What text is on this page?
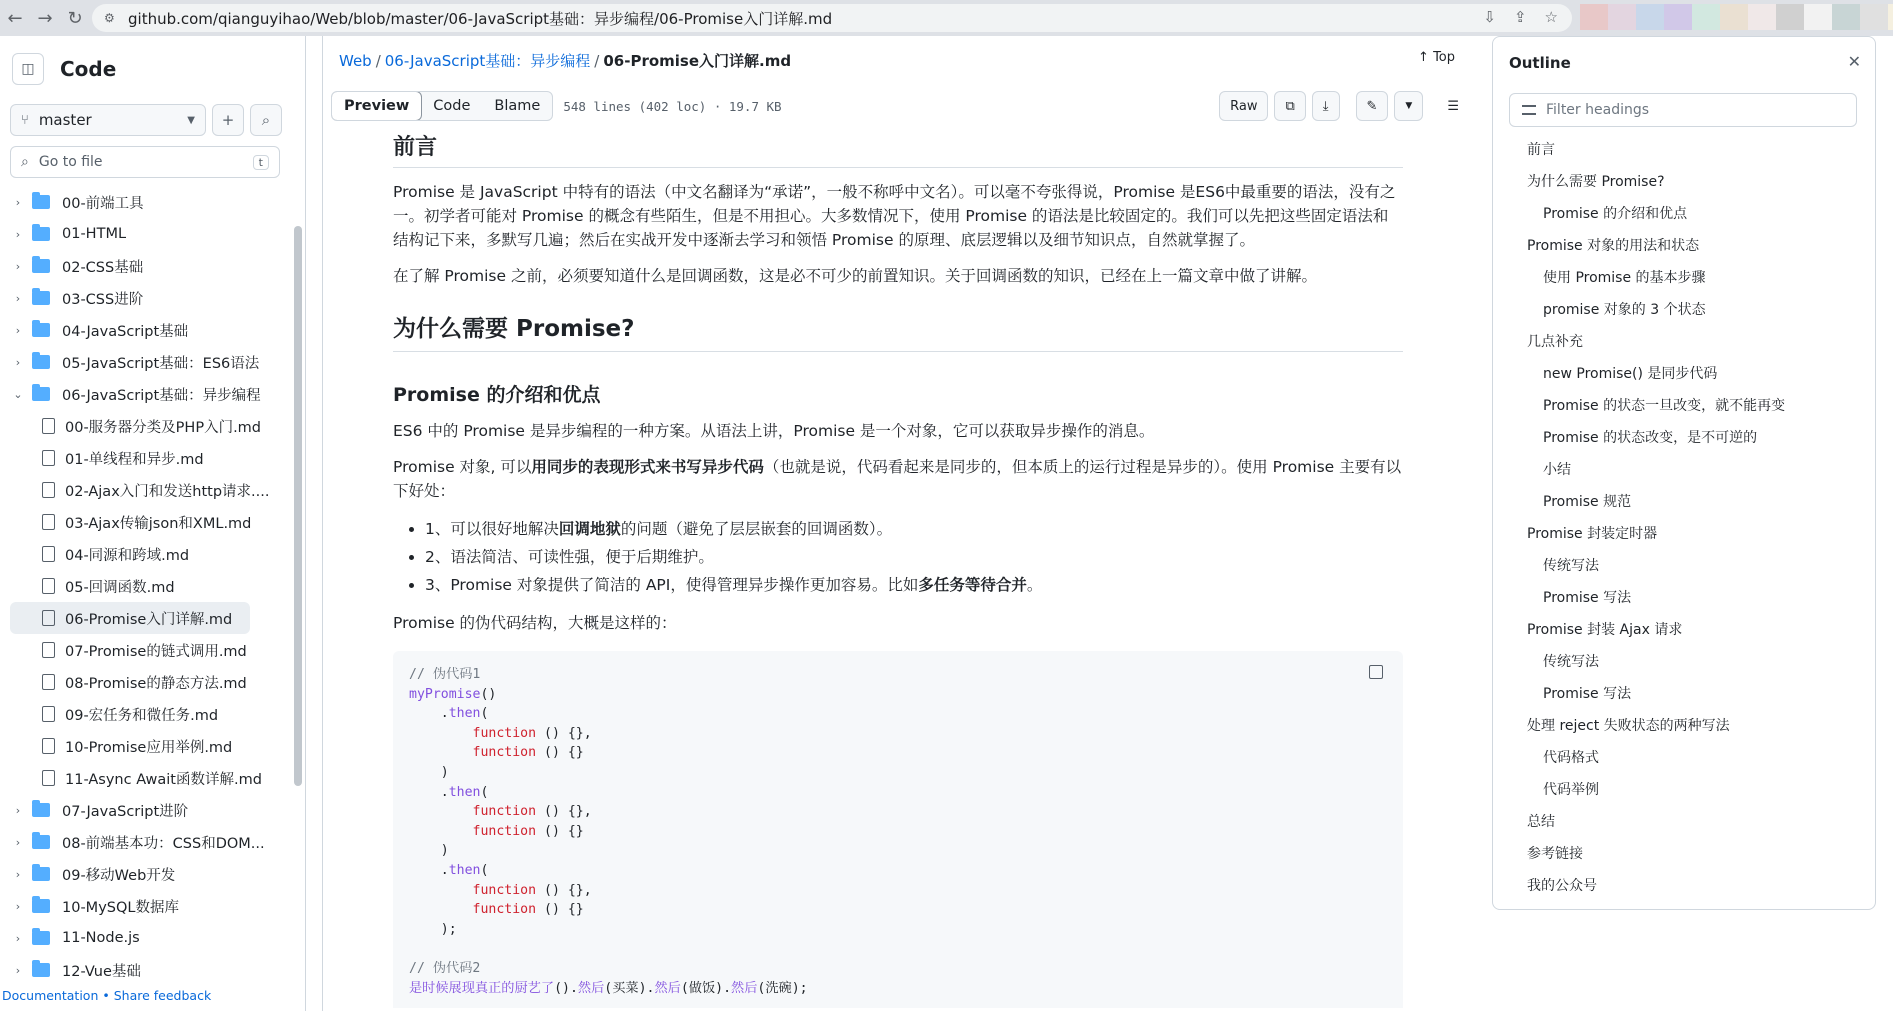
← → ↻	⚙ github.com/qianguyihao/Web/blob/master/06-JavaScript基础：异步编程/06-Promise入门详解.md	⇩ ⇪ ☆
◫	Code
⑂ master	▼	+	⌕
⌕ Go to file	t
›	00-前端工具
›	01-HTML
›	02-CSS基础
›	03-CSS进阶
›	04-JavaScript基础
›	05-JavaScript基础：ES6语法
⌄	06-JavaScript基础：异步编程
00-服务器分类及PHP入门.md
01-单线程和异步.md
02-Ajax入门和发送http请求....
03-Ajax传输json和XML.md
04-同源和跨域.md
05-回调函数.md
06-Promise入门详解.md
07-Promise的链式调用.md
08-Promise的静态方法.md
09-宏任务和微任务.md
10-Promise应用举例.md
11-Async Await函数详解.md
›	07-JavaScript进阶
›	08-前端基本功：CSS和DOM...
›	09-移动Web开发
›	10-MySQL数据库
›	11-Node.js
›	12-Vue基础
Documentation • Share feedback
Web / 06-JavaScript基础：异步编程 / 06-Promise入门详解.md	↑ Top
Preview	Code	Blame	548 lines (402 loc) · 19.7 KB	Raw	⧉	⤓	✎	▼	☰
前言

Promise 是 JavaScript 中特有的语法（中文名翻译为“承诺”，一般不称呼中文名）。可以毫不夸张得说，Promise 是ES6中最重要的语法，没有之一。初学者可能对 Promise 的概念有些陌生，但是不用担心。大多数情况下，使用 Promise 的语法是比较固定的。我们可以先把这些固定语法和结构记下来，多默写几遍；然后在实战开发中逐渐去学习和领悟 Promise 的原理、底层逻辑以及细节知识点，自然就掌握了。

在了解 Promise 之前，必须要知道什么是回调函数，这是必不可少的前置知识。关于回调函数的知识，已经在上一篇文章中做了讲解。

为什么需要 Promise?
Promise 的介绍和优点

ES6 中的 Promise 是异步编程的一种方案。从语法上讲，Promise 是一个对象，它可以获取异步操作的消息。

Promise 对象, 可以用同步的表现形式来书写异步代码（也就是说，代码看起来是同步的，但本质上的运行过程是异步的）。使用 Promise 主要有以下好处：

• 1、可以很好地解决回调地狱的问题（避免了层层嵌套的回调函数）。
• 2、语法简洁、可读性强，便于后期维护。
• 3、Promise 对象提供了简洁的 API，使得管理异步操作更加容易。比如多任务等待合并。

Promise 的伪代码结构，大概是这样的：

// 伪代码1
myPromise()
.then(
function () {},
function () {}
)
.then(
function () {},
function () {}
)
.then(
function () {},
function () {}
);

// 伪代码2
是时候展现真正的厨艺了().然后(买菜).然后(做饭).然后(洗碗);
Outline	✕
Filter headings
前言
为什么需要 Promise?
Promise 的介绍和优点
Promise 对象的用法和状态
使用 Promise 的基本步骤
promise 对象的 3 个状态
几点补充
new Promise() 是同步代码
Promise 的状态一旦改变，就不能再变
Promise 的状态改变，是不可逆的
小结
Promise 规范
Promise 封装定时器
传统写法
Promise 写法
Promise 封装 Ajax 请求
传统写法
Promise 写法
处理 reject 失败状态的两种写法
代码格式
代码举例
总结
参考链接
我的公众号
